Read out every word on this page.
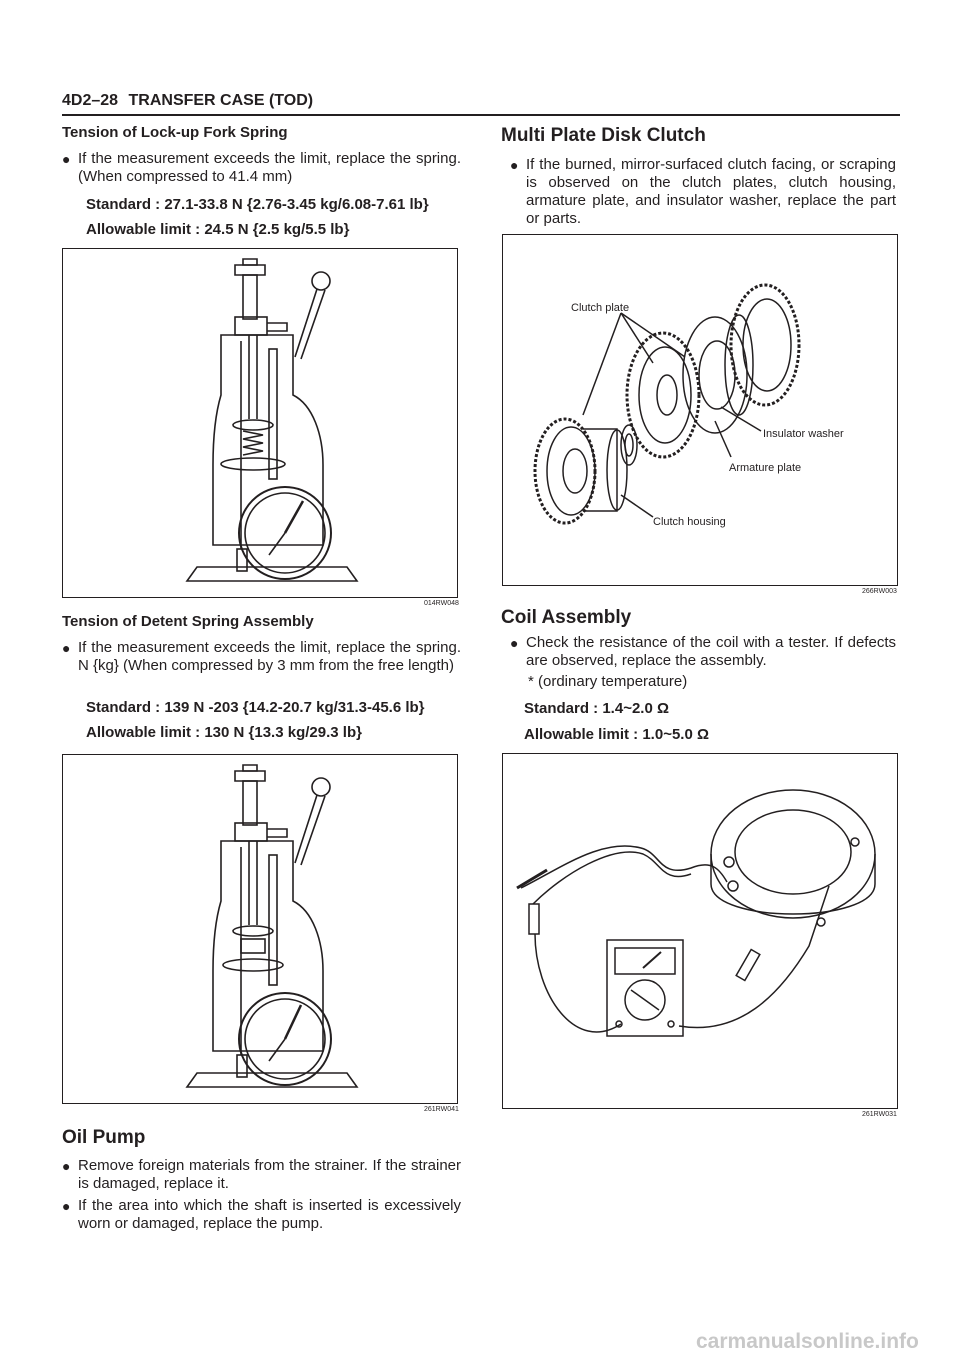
4D2–28 TRANSFER CASE (TOD)
Tension of Lock-up Fork Spring
● If the measurement exceeds the limit, replace the spring. (When compressed to 41.4 mm)
Standard : 27.1-33.8 N {2.76-3.45 kg/6.08-7.61 lb}
Allowable limit : 24.5 N {2.5 kg/5.5 lb}
014RW048
Tension of Detent Spring Assembly
● If the measurement exceeds the limit, replace the spring. N {kg} (When compressed by 3 mm from the free length)
Standard : 139 N -203 {14.2-20.7 kg/31.3-45.6 lb}
Allowable limit : 130 N {13.3 kg/29.3 lb}
261RW041
Oil Pump
● Remove foreign materials from the strainer. If the strainer is damaged, replace it.
● If the area into which the shaft is inserted is excessively worn or damaged, replace the pump.
Multi Plate Disk Clutch
● If the burned, mirror-surfaced clutch facing, or scraping is observed on the clutch plates, clutch housing, armature plate, and insulator washer, replace the part or parts.
Clutch plate
Insulator washer
Armature plate
Clutch housing
266RW003
Coil Assembly
● Check the resistance of the coil with a tester. If defects are observed, replace the assembly.
* (ordinary temperature)
Standard : 1.4~2.0 Ω
Allowable limit : 1.0~5.0 Ω
261RW031
carmanualsonline.info
